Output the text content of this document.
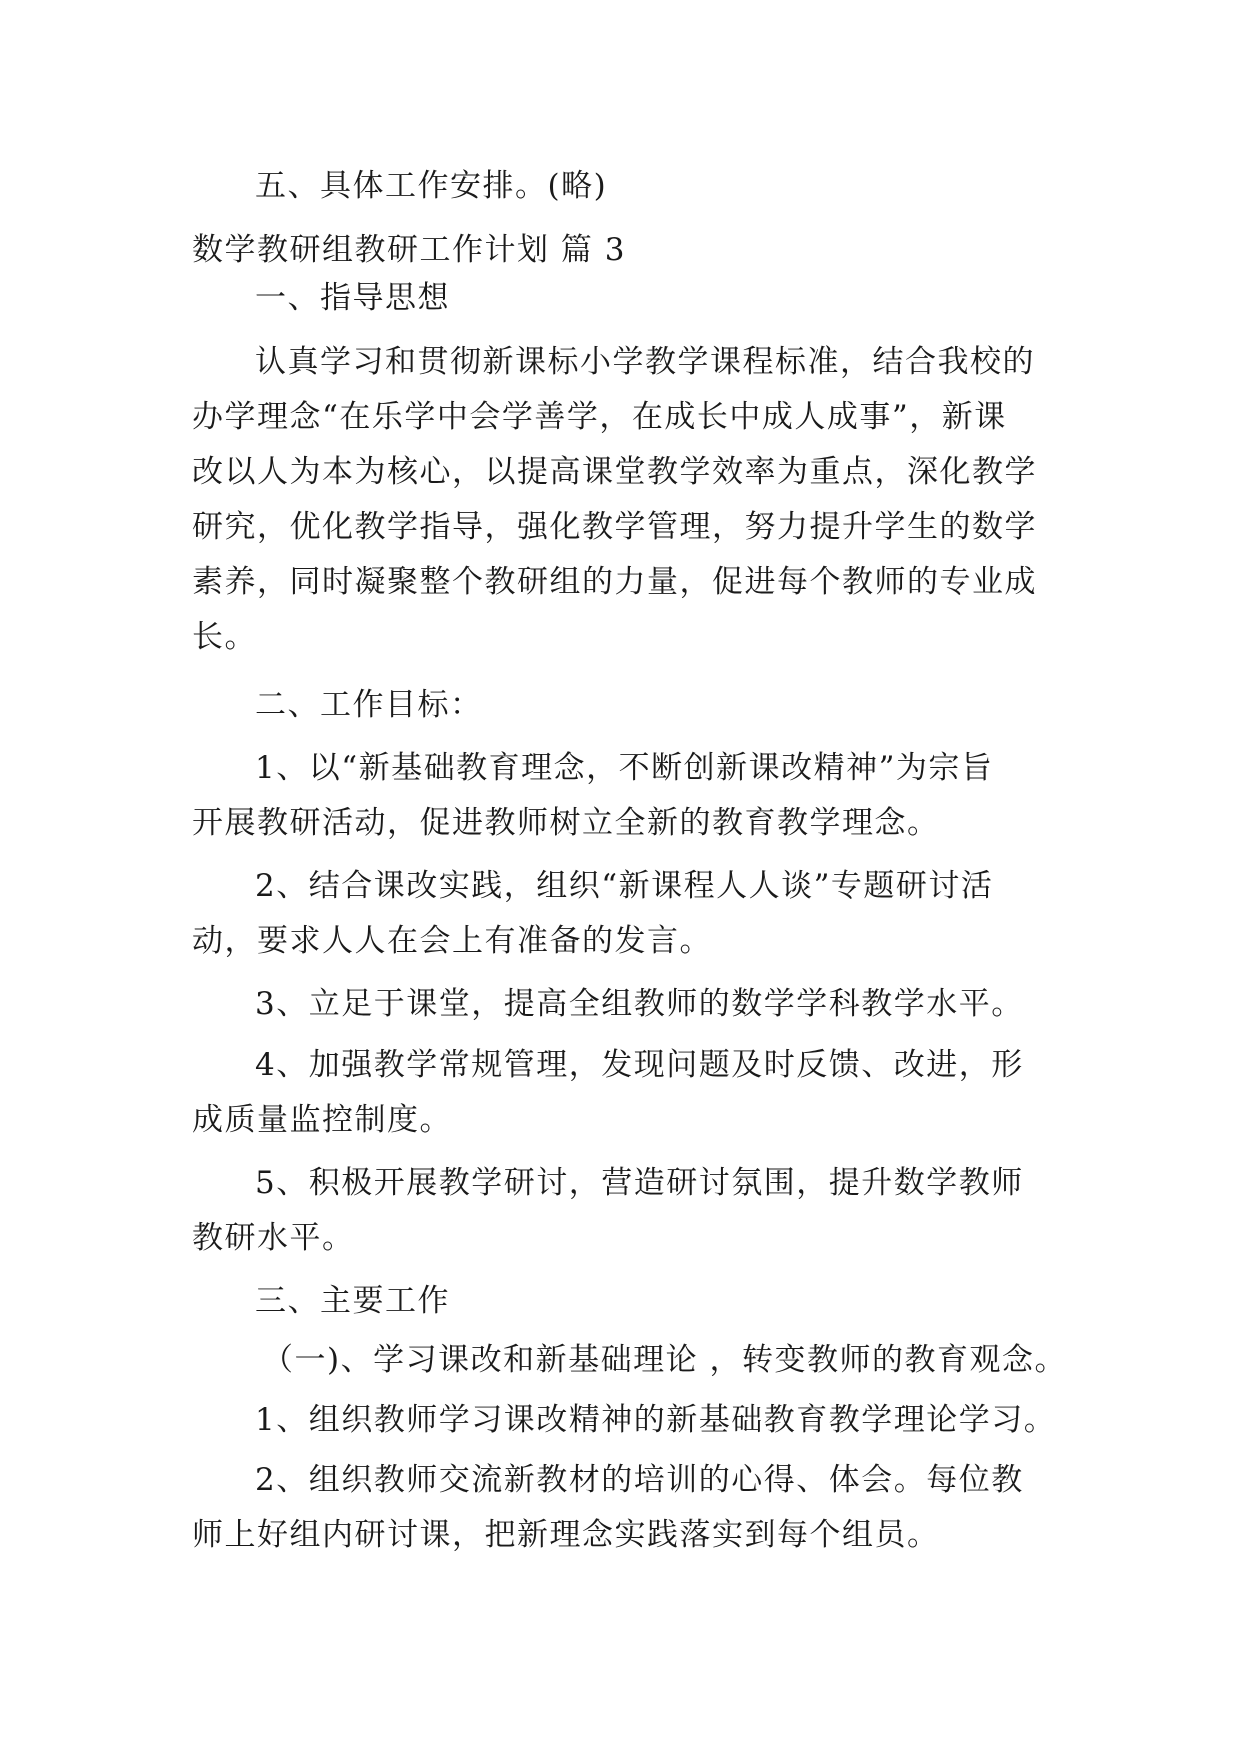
五、具体工作安排。(略)
数学教研组教研工作计划 篇 3
一、指导思想
认真学习和贯彻新课标小学教学课程标准，结合我校的
办学理念“在乐学中会学善学，在成长中成人成事”，新课
改以人为本为核心，以提高课堂教学效率为重点，深化教学
研究，优化教学指导，强化教学管理，努力提升学生的数学
素养，同时凝聚整个教研组的力量，促进每个教师的专业成
长。
二、工作目标：
1、以“新基础教育理念，不断创新课改精神”为宗旨
开展教研活动，促进教师树立全新的教育教学理念。
2、结合课改实践，组织“新课程人人谈”专题研讨活
动，要求人人在会上有准备的发言。
3、立足于课堂，提高全组教师的数学学科教学水平。
4、加强教学常规管理，发现问题及时反馈、改进，形
成质量监控制度。
5、积极开展教学研讨，营造研讨氛围，提升数学教师
教研水平。
三、主要工作
（一)、学习课改和新基础理论 ，转变教师的教育观念。
1、组织教师学习课改精神的新基础教育教学理论学习。
2、组织教师交流新教材的培训的心得、体会。每位教
师上好组内研讨课，把新理念实践落实到每个组员。
